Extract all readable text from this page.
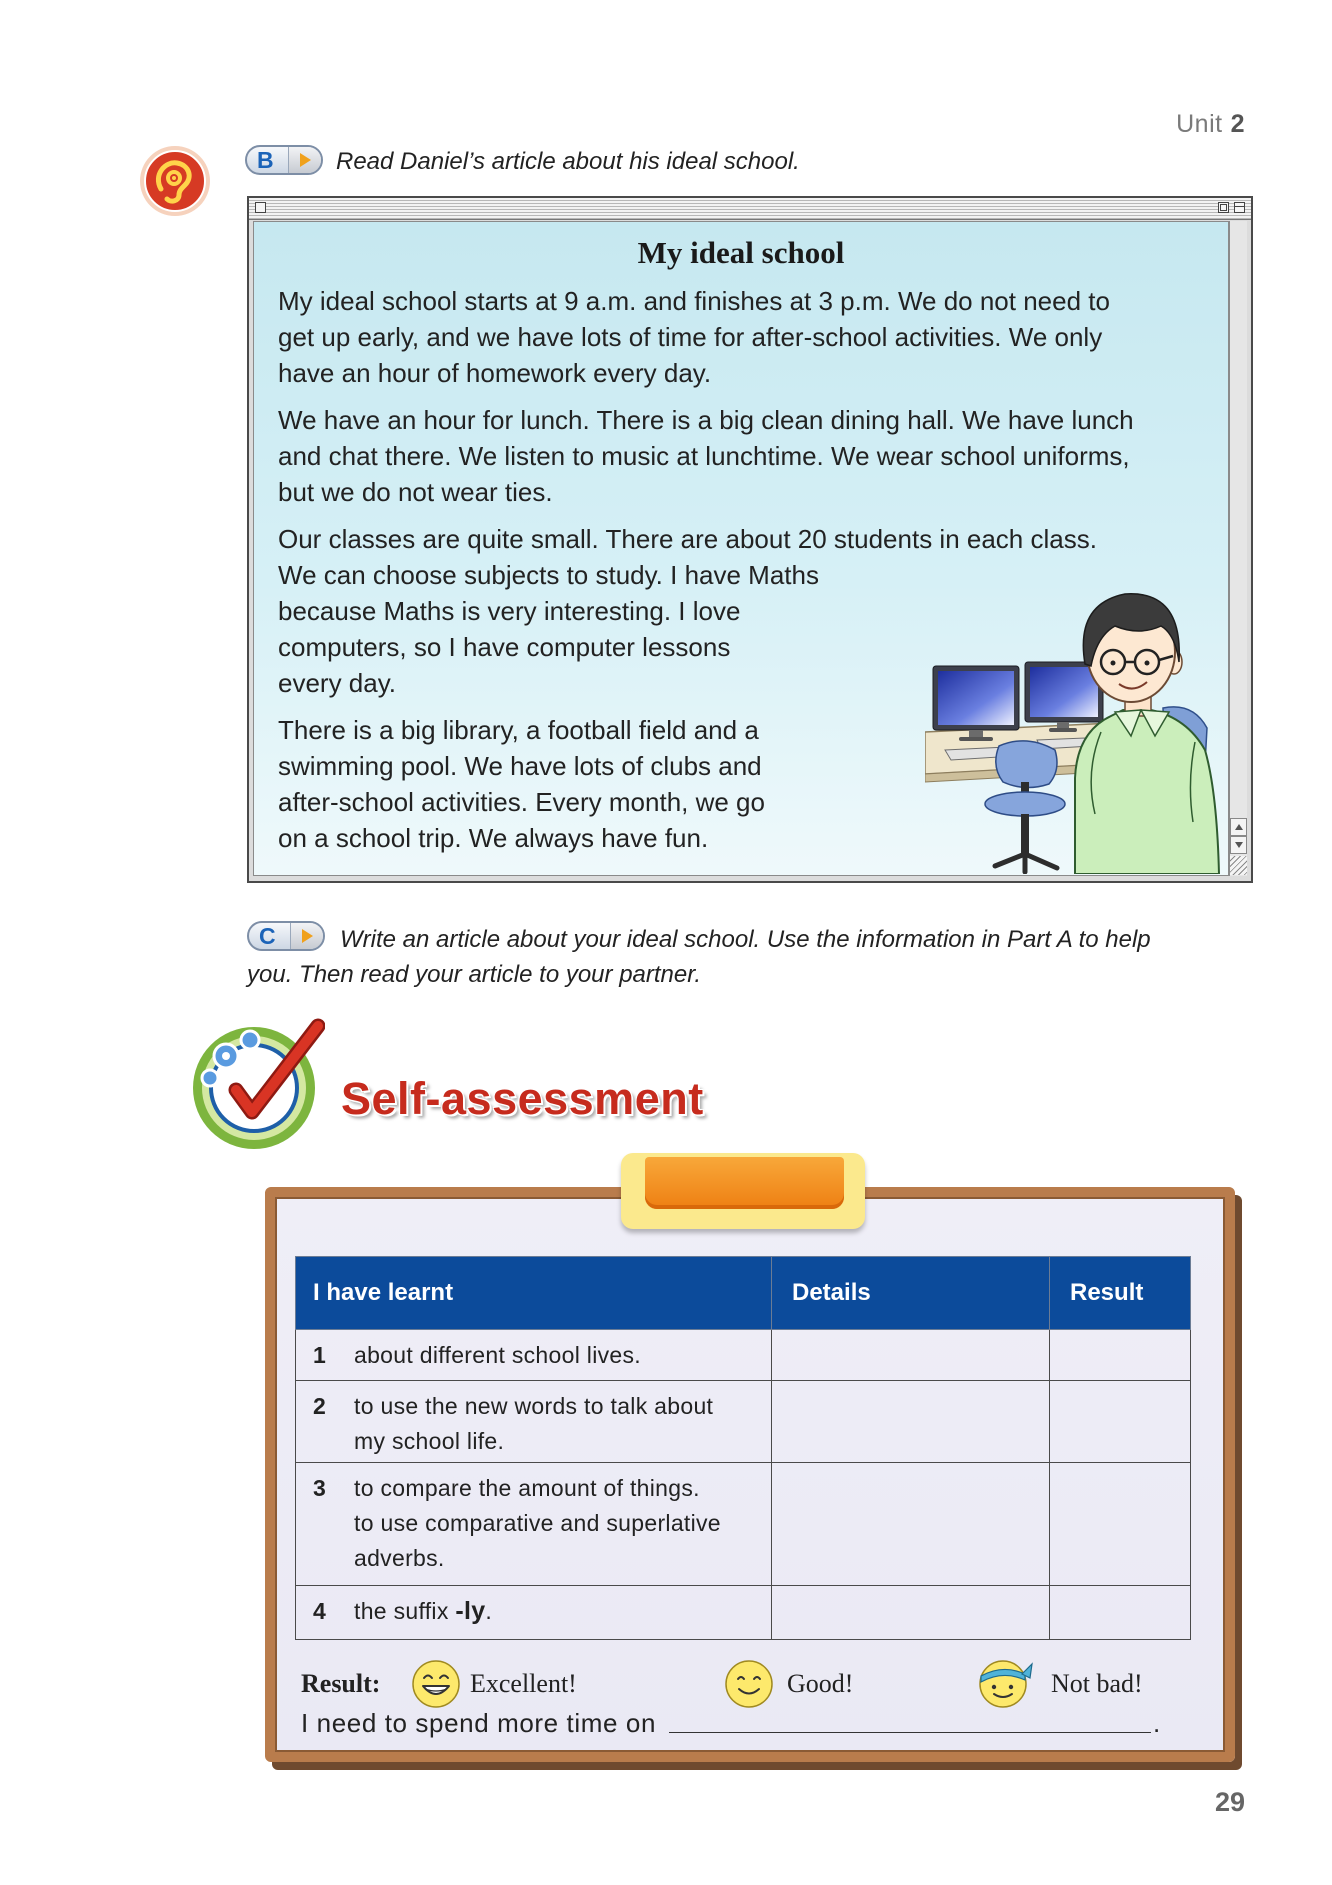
Unit 2
B	Read Daniel’s article about his ideal school.
My ideal school
My ideal school starts at 9 a.m. and finishes at 3 p.m. We do not need to
get up early, and we have lots of time for after-school activities. We only
have an hour of homework every day.
We have an hour for lunch. There is a big clean dining hall. We have lunch
and chat there. We listen to music at lunchtime. We wear school uniforms,
but we do not wear ties.
Our classes are quite small. There are about 20 students in each class.
We can choose subjects to study. I have Maths
because Maths is very interesting. I love
computers, so I have computer lessons
every day.
There is a big library, a football field and a
swimming pool. We have lots of clubs and
after-school activities. Every month, we go
on a school trip. We always have fun.
C	Write an article about your ideal school. Use the information in Part A to help
you. Then read your article to your partner.
Self-assessment
I have learnt	Details	Result

1 about different school lives.		

2 to use the new words to talk about
my school life.		

3 to compare the amount of things.
to use comparative and superlative
adverbs.		

4 the suffix -ly.		

Result:	Excellent!	Good!	Not bad!
I need to spend more time on	.
29
